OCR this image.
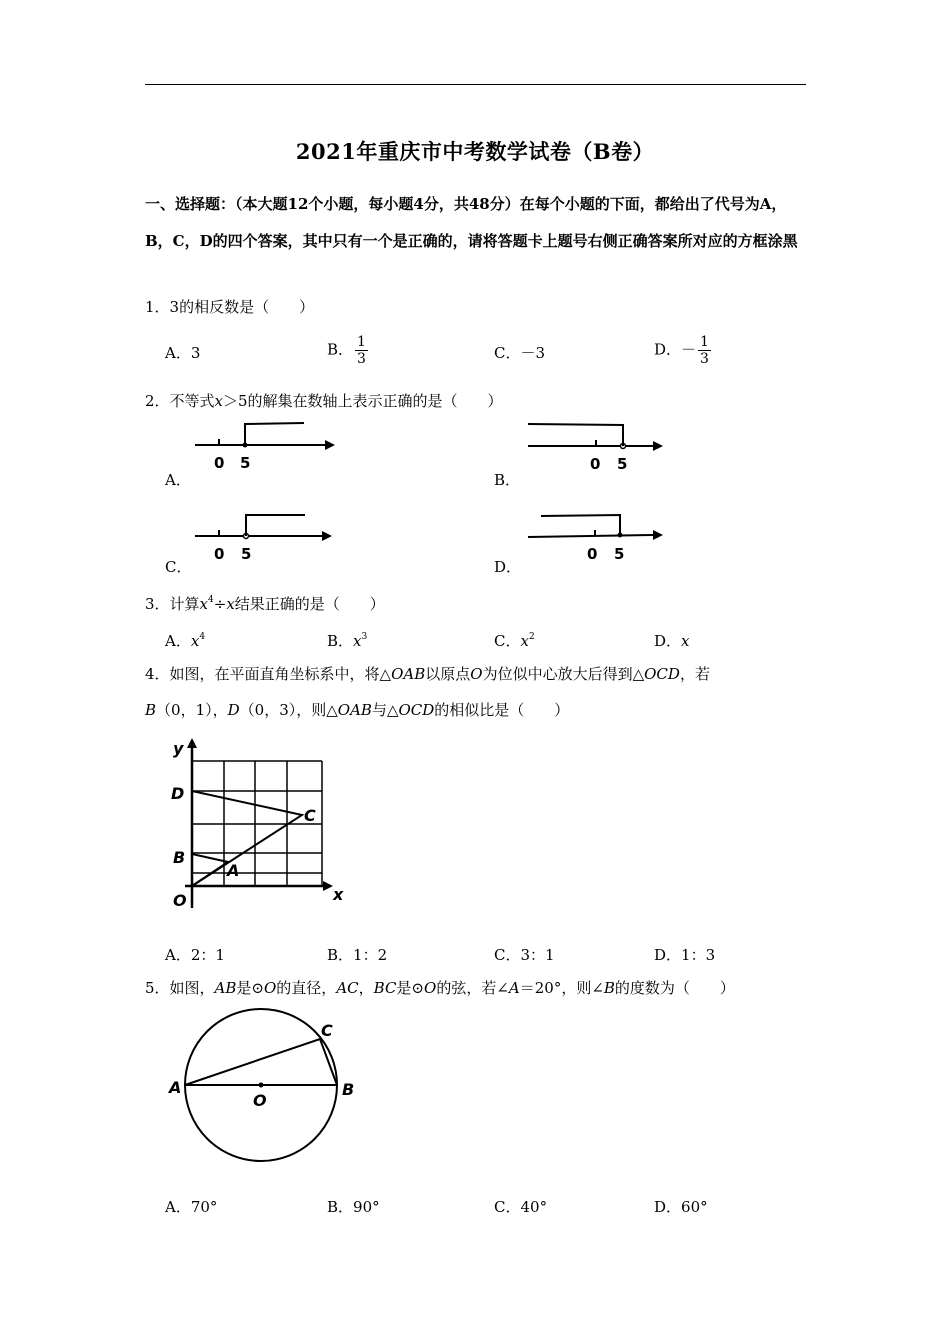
2021年重庆市中考数学试卷（B卷）
一、选择题：（本大题12个小题，每小题4分，共48分）在每个小题的下面，都给出了代号为A，B，C，D的四个答案，其中只有一个是正确的，请将答题卡上题号右侧正确答案所对应的方框涂黑
1．3的相反数是（　　）
A．3	B． $\frac{1}{3}$	C．－3	D．－ $\frac{1}{3}$
2．不等式x＞5的解集在数轴上表示正确的是（　　）
0 5
A．
0 5
B．
0 5
C．
0 5
D．
3．计算$x^4\div x$结果正确的是（　　）
A．$x^4$	B．$x^3$	C．$x^2$	D．x
4．如图，在平面直角坐标系中，将△OAB以原点O为位似中心放大后得到△OCD，若
B（0，1），D（0，3），则△OAB与△OCD的相似比是（　　）
y
x
D
C
B
A
O
A．2：1	B．1：2	C．3：1	D．1：3
5．如图，AB是⊙O的直径，AC，BC是⊙O的弦，若∠A＝20°，则∠B的度数为（　　）
A
O
B
C
A．70°	B．90°	C．40°	D．60°
